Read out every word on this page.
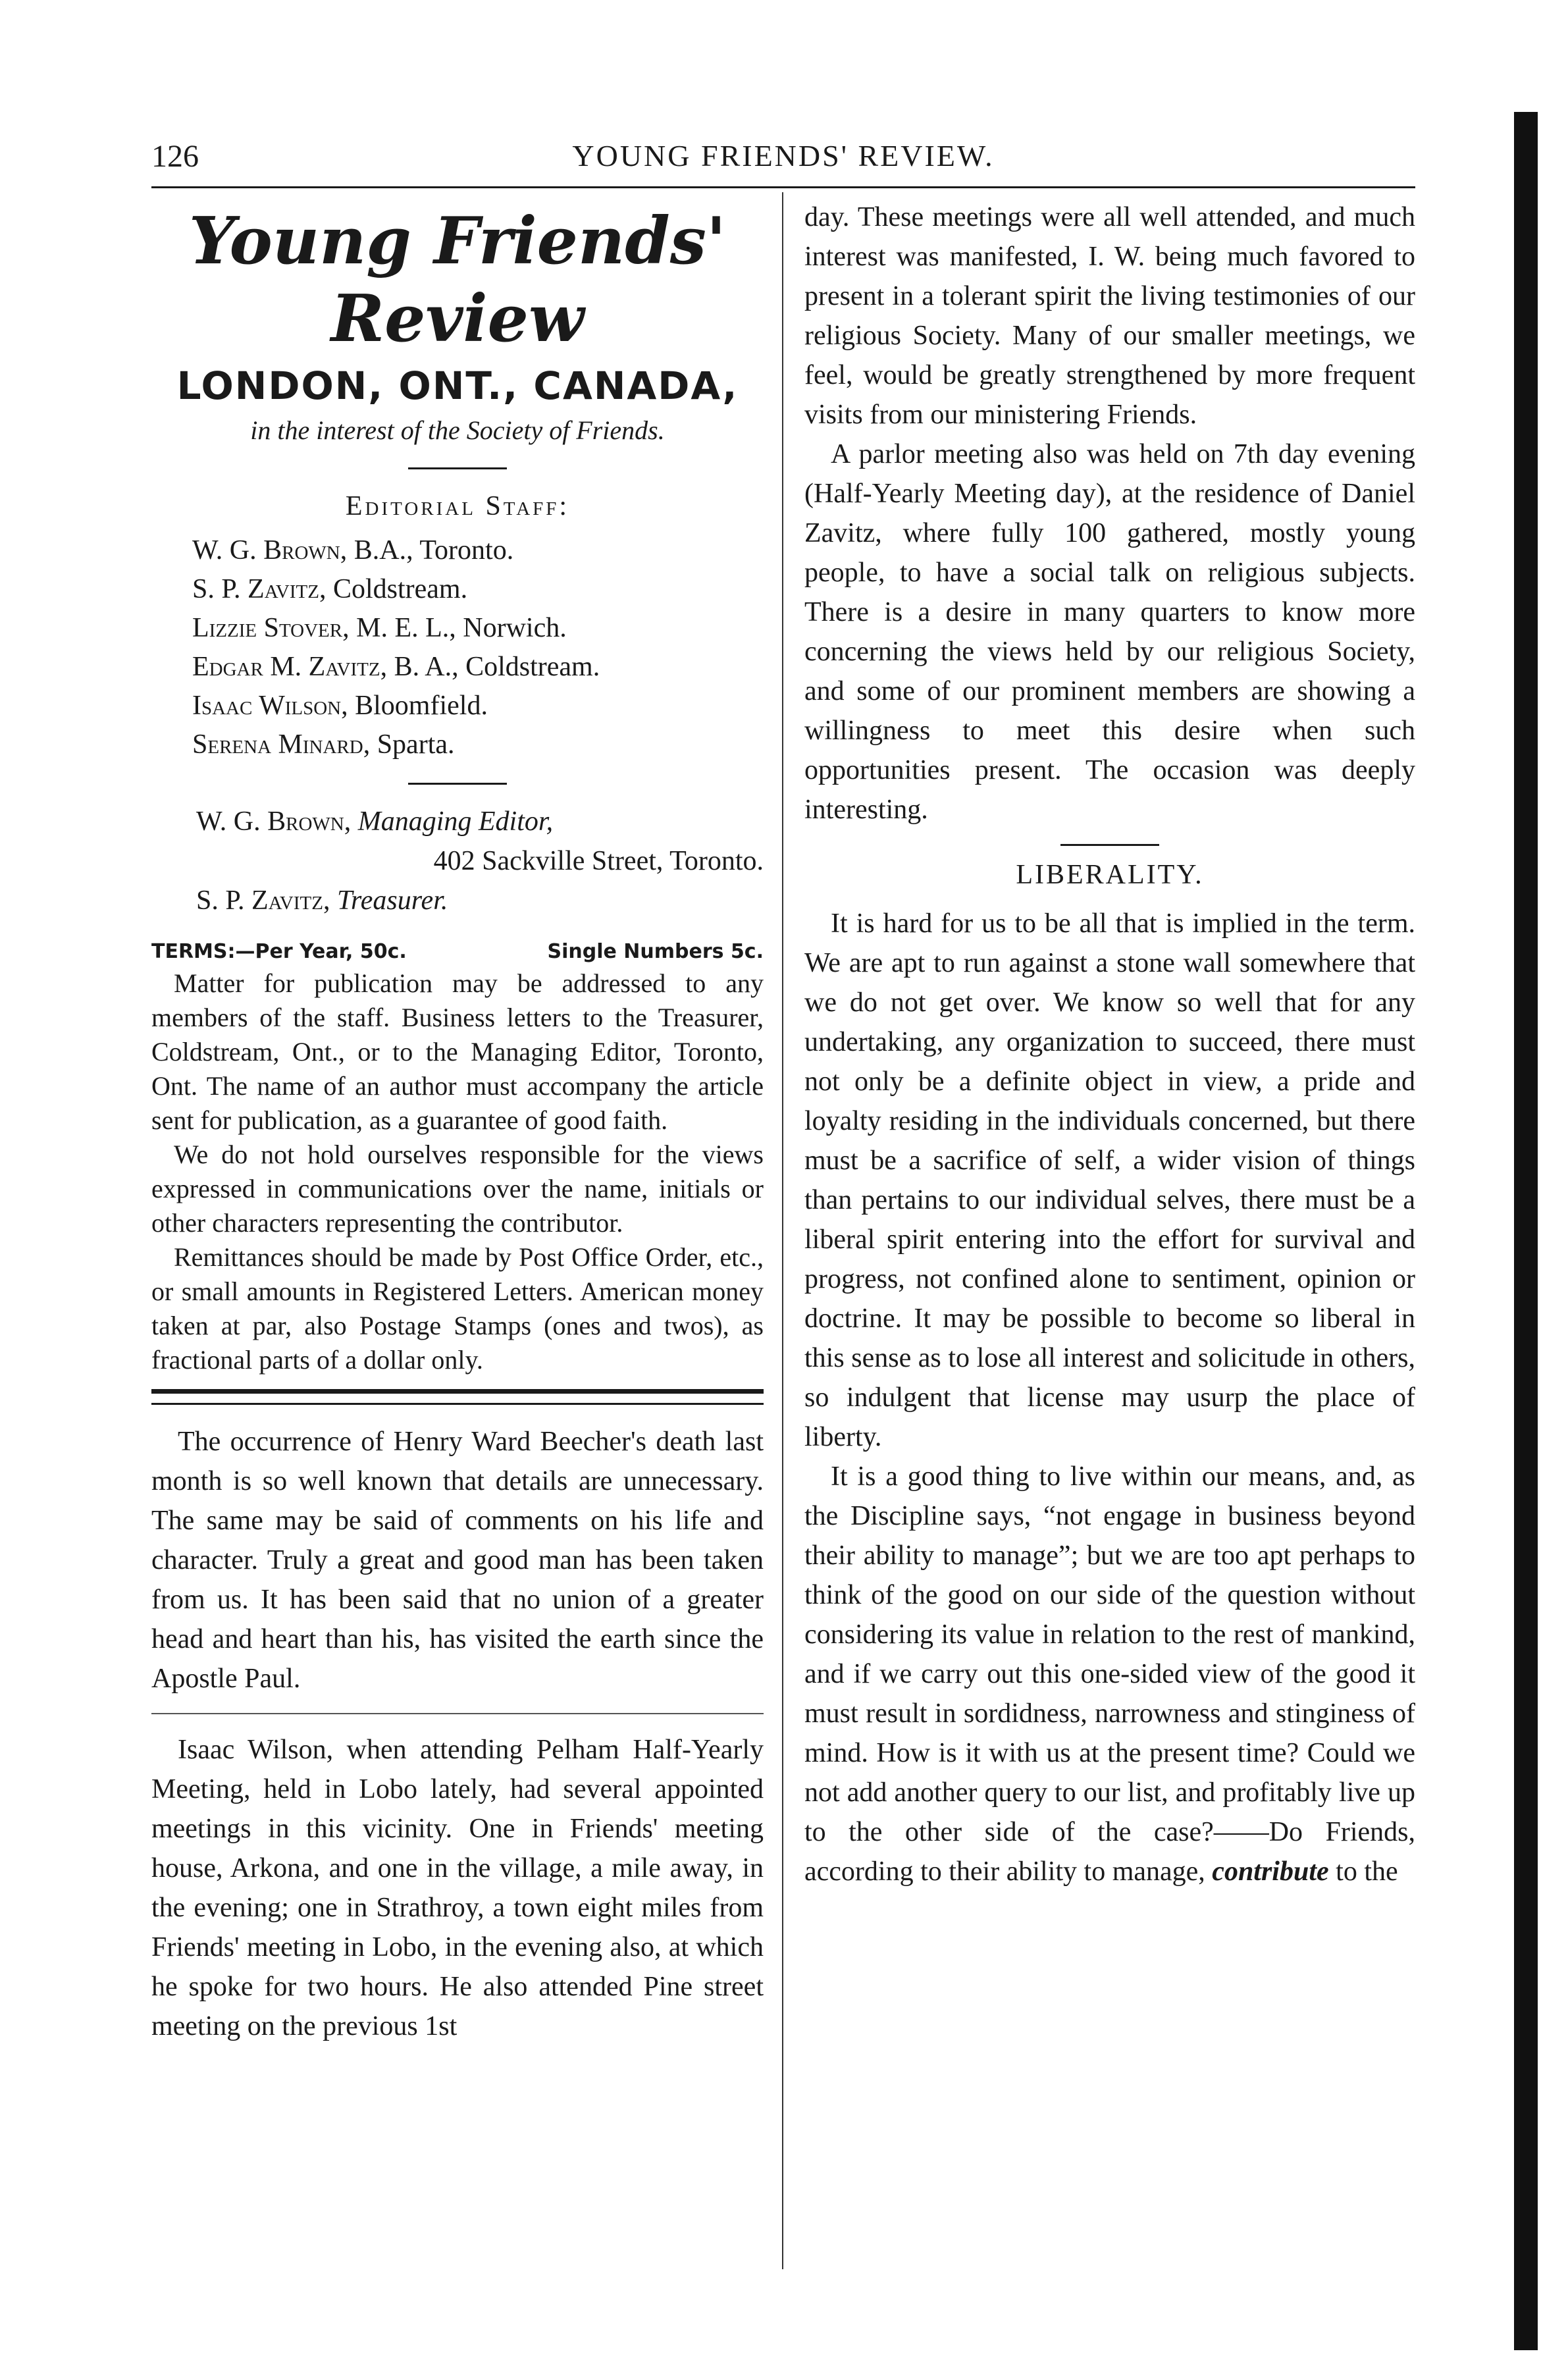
126	YOUNG FRIENDS' REVIEW.
Young Friends' Review
LONDON, ONT., CANADA,
in the interest of the Society of Friends.
Editorial Staff:
W. G. Brown, B.A., Toronto.
S. P. Zavitz, Coldstream.
Lizzie Stover, M. E. L., Norwich.
Edgar M. Zavitz, B. A., Coldstream.
Isaac Wilson, Bloomfield.
Serena Minard, Sparta.
W. G. Brown, Managing Editor,
402 Sackville Street, Toronto.
S. P. Zavitz, Treasurer.
TERMS:—Per Year, 50c.	Single Numbers 5c.

Matter for publication may be addressed to any members of the staff. Business letters to the Treasurer, Coldstream, Ont., or to the Managing Editor, Toronto, Ont. The name of an author must accompany the article sent for publication, as a guarantee of good faith.

We do not hold ourselves responsible for the views expressed in communications over the name, initials or other characters representing the contributor.

Remittances should be made by Post Office Order, etc., or small amounts in Registered Letters. American money taken at par, also Postage Stamps (ones and twos), as fractional parts of a dollar only.

The occurrence of Henry Ward Beecher's death last month is so well known that details are unnecessary. The same may be said of comments on his life and character. Truly a great and good man has been taken from us. It has been said that no union of a greater head and heart than his, has visited the earth since the Apostle Paul.

Isaac Wilson, when attending Pelham Half-Yearly Meeting, held in Lobo lately, had several appointed meetings in this vicinity. One in Friends' meeting house, Arkona, and one in the village, a mile away, in the evening; one in Strathroy, a town eight miles from Friends' meeting in Lobo, in the evening also, at which he spoke for two hours. He also attended Pine street meeting on the previous 1st

day. These meetings were all well attended, and much interest was manifested, I. W. being much favored to present in a tolerant spirit the living testimonies of our religious Society. Many of our smaller meetings, we feel, would be greatly strengthened by more frequent visits from our ministering Friends.

A parlor meeting also was held on 7th day evening (Half-Yearly Meeting day), at the residence of Daniel Zavitz, where fully 100 gathered, mostly young people, to have a social talk on religious subjects. There is a desire in many quarters to know more concerning the views held by our religious Society, and some of our prominent members are showing a willingness to meet this desire when such opportunities present. The occasion was deeply interesting.

LIBERALITY.

It is hard for us to be all that is implied in the term. We are apt to run against a stone wall somewhere that we do not get over. We know so well that for any undertaking, any organization to succeed, there must not only be a definite object in view, a pride and loyalty residing in the individuals concerned, but there must be a sacrifice of self, a wider vision of things than pertains to our individual selves, there must be a liberal spirit entering into the effort for survival and progress, not confined alone to sentiment, opinion or doctrine. It may be possible to become so liberal in this sense as to lose all interest and solicitude in others, so indulgent that license may usurp the place of liberty.

It is a good thing to live within our means, and, as the Discipline says, “not engage in business beyond their ability to manage”; but we are too apt perhaps to think of the good on our side of the question without considering its value in relation to the rest of mankind, and if we carry out this one-sided view of the good it must result in sordidness, narrowness and stinginess of mind. How is it with us at the present time? Could we not add another query to our list, and profitably live up to the other side of the case?——Do Friends, according to their ability to manage, contribute to the
